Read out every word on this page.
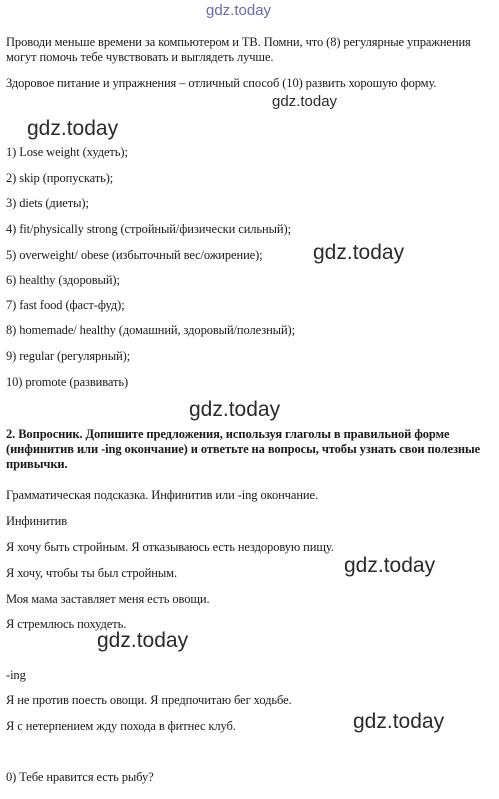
gdz.today
Проводи меньше времени за компьютером и ТВ. Помни, что (8) регулярные упражнения могут помочь тебе чувствовать и выглядеть лучше.
Здоровое питание и упражнения – отличный способ (10) развить хорошую форму.
gdz.today
gdz.today
1) Lose weight (худеть);
2) skip (пропускать);
3) diets (диеты);
4) fit/physically strong (стройный/физически сильный);
5) overweight/ obese (избыточный вес/ожирение); gdz.today
6) healthy (здоровый);
7) fast food (фаст-фуд);
8) homemade/ healthy (домашний, здоровый/полезный);
9) regular (регулярный);
10) promote (развивать)
gdz.today
2. Вопросник. Допишите предложения, используя глаголы в правильной форме (инфинитив или -ing окончание) и ответьте на вопросы, чтобы узнать свои полезные привычки.
Грамматическая подсказка. Инфинитив или -ing окончание.
Инфинитив
Я хочу быть стройным. Я отказываюсь есть нездоровую пищу.
Я хочу, чтобы ты был стройным.	gdz.today
Моя мама заставляет меня есть овощи.
Я стремлюсь похудеть.
gdz.today
-ing
Я не против поесть овощи. Я предпочитаю бег ходьбе.
Я с нетерпением жду похода в фитнес клуб.	gdz.today
0) Тебе нравится есть рыбу?
